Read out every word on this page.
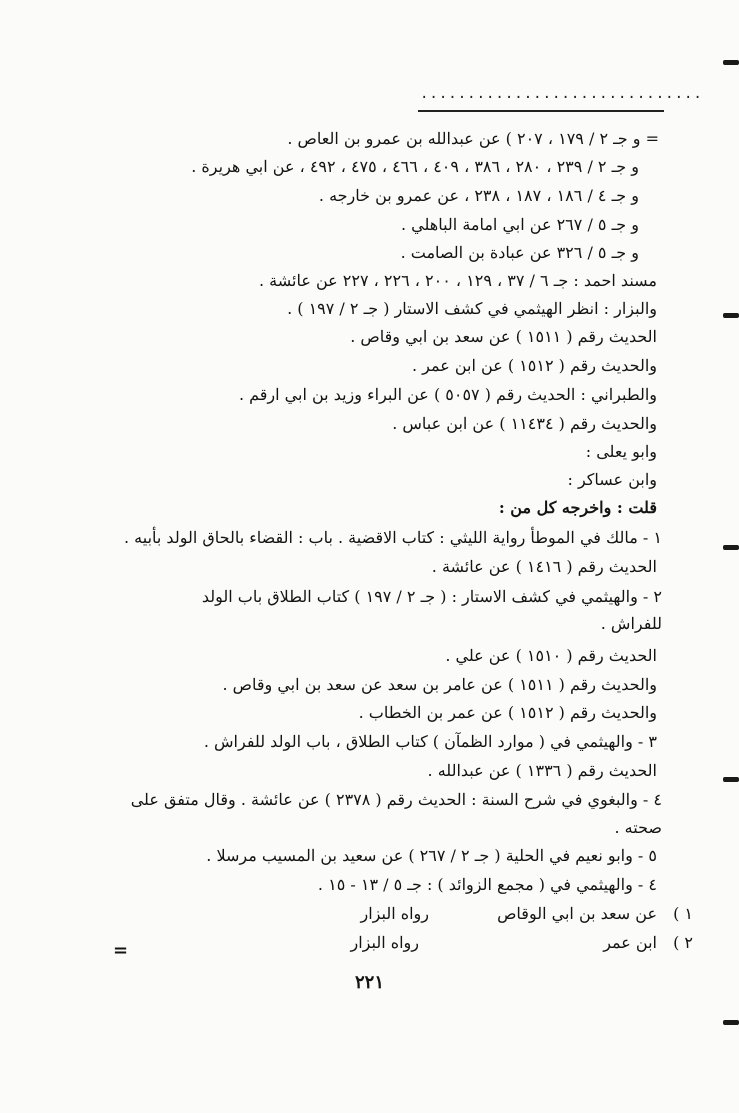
..............................
= و جـ ٢ / ١٧٩ ، ٢٠٧ ) عن عبدالله بن عمرو بن العاص .
و جـ ٢ / ٢٣٩ ، ٢٨٠ ، ٣٨٦ ، ٤٠٩ ، ٤٦٦ ، ٤٧٥ ، ٤٩٢ ، عن ابي هريرة .
و جـ ٤ / ١٨٦ ، ١٨٧ ، ٢٣٨ ، عن عمرو بن خارجه .
و جـ ٥ / ٢٦٧ عن ابي امامة الباهلي .
و جـ ٥ / ٣٢٦ عن عبادة بن الصامت .
مسند احمد : جـ ٦ / ٣٧ ، ١٢٩ ، ٢٠٠ ، ٢٢٦ ، ٢٢٧ عن عائشة .
والبزار : انظر الهيثمي في كشف الاستار ( جـ ٢ / ١٩٧ ) .
الحديث رقم ( ١٥١١ ) عن سعد بن ابي وقاص .
والحديث رقم ( ١٥١٢ ) عن ابن عمر .
والطبراني : الحديث رقم ( ٥٠٥٧ ) عن البراء وزيد بن ابي ارقم .
والحديث رقم ( ١١٤٣٤ ) عن ابن عباس .
وابو يعلى :
وابن عساكر :
قلت : واخرجه كل من :
١ - مالك في الموطأ رواية الليثي : كتاب الاقضية . باب : القضاء بالحاق الولد بأبيه .
الحديث رقم ( ١٤١٦ ) عن عائشة .
٢ - والهيثمي في كشف الاستار : ( جـ ٢ / ١٩٧ ) كتاب الطلاق باب الولد
للفراش .
الحديث رقم ( ١٥١٠ ) عن علي .
والحديث رقم ( ١٥١١ ) عن عامر بن سعد عن سعد بن ابي وقاص .
والحديث رقم ( ١٥١٢ ) عن عمر بن الخطاب .
٣ - والهيثمي في ( موارد الظمآن ) كتاب الطلاق ، باب الولد للفراش .
الحديث رقم ( ١٣٣٦ ) عن عبدالله .
٤ - والبغوي في شرح السنة : الحديث رقم ( ٢٣٧٨ ) عن عائشة . وقال متفق على
صحته .
٥ - وابو نعيم في الحلية ( جـ ٢ / ٢٦٧ ) عن سعيد بن المسيب مرسلا .
٤ - والهيثمي في ( مجمع الزوائد ) : جـ ٥ / ١٣ - ١٥ .
١ )
عن سعد بن ابي الوقاص
رواه البزار
٢ )
ابن عمر
رواه البزار
=
٢٢١
